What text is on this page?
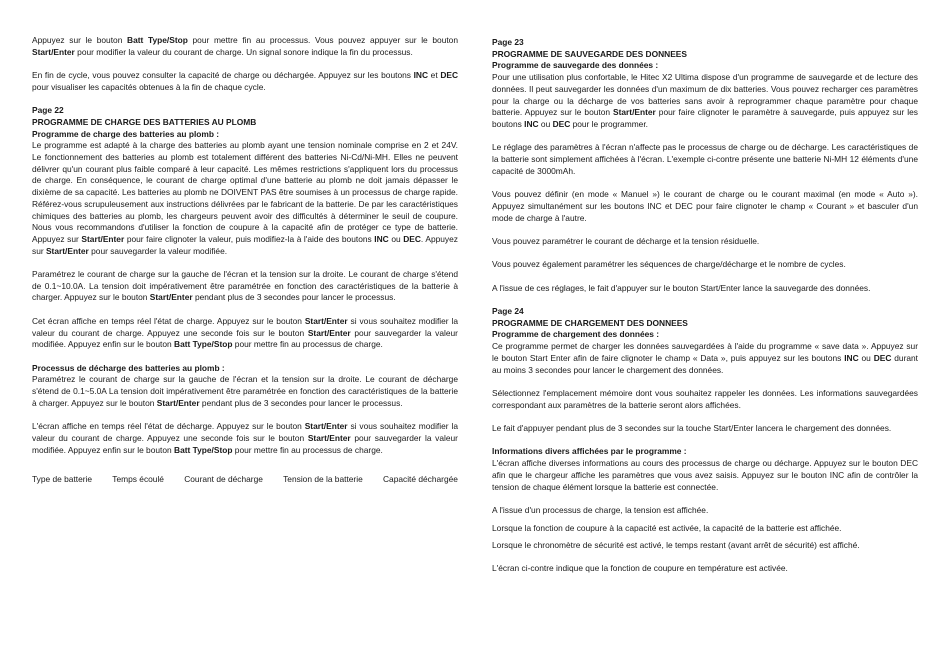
Appuyez sur le bouton Batt Type/Stop pour mettre fin au processus. Vous pouvez appuyer sur le bouton Start/Enter pour modifier la valeur du courant de charge. Un signal sonore indique la fin du processus.

En fin de cycle, vous pouvez consulter la capacité de charge ou déchargée. Appuyez sur les boutons INC et DEC pour visualiser les capacités obtenues à la fin de chaque cycle.

Page 22

PROGRAMME DE CHARGE DES BATTERIES AU PLOMB

Programme de charge des batteries au plomb :

Le programme est adapté à la charge des batteries au plomb ayant une tension nominale comprise en 2 et 24V. Le fonctionnement des batteries au plomb est totalement différent des batteries Ni-Cd/Ni-MH. Elles ne peuvent délivrer qu'un courant plus faible comparé à leur capacité. Les mêmes restrictions s'appliquent lors du processus de charge. En conséquence, le courant de charge optimal d'une batterie au plomb ne doit jamais dépasser le dixième de sa capacité. Les batteries au plomb ne DOIVENT PAS être soumises à un processus de charge rapide. Référez-vous scrupuleusement aux instructions délivrées par le fabricant de la batterie. De par les caractéristiques chimiques des batteries au plomb, les chargeurs peuvent avoir des difficultés à déterminer le seuil de coupure. Nous vous recommandons d'utiliser la fonction de coupure à la capacité afin de protéger ce type de batterie. Appuyez sur Start/Enter pour faire clignoter la valeur, puis modifiez-la à l'aide des boutons INC ou DEC. Appuyez sur Start/Enter pour sauvegarder la valeur modifiée.

Paramétrez le courant de charge sur la gauche de l'écran et la tension sur la droite. Le courant de charge s'étend de 0.1~10.0A. La tension doit impérativement être paramétrée en fonction des caractéristiques de la batterie à charger. Appuyez sur le bouton Start/Enter pendant plus de 3 secondes pour lancer le processus.

Cet écran affiche en temps réel l'état de charge. Appuyez sur le bouton Start/Enter si vous souhaitez modifier la valeur du courant de charge. Appuyez une seconde fois sur le bouton Start/Enter pour sauvegarder la valeur modifiée. Appuyez enfin sur le bouton Batt Type/Stop pour mettre fin au processus de charge.

Processus de décharge des batteries au plomb :

Paramétrez le courant de charge sur la gauche de l'écran et la tension sur la droite. Le courant de décharge s'étend de 0.1~5.0A La tension doit impérativement être paramétrée en fonction des caractéristiques de la batterie à charger. Appuyez sur le bouton Start/Enter pendant plus de 3 secondes pour lancer le processus.

L'écran affiche en temps réel l'état de décharge. Appuyez sur le bouton Start/Enter si vous souhaitez modifier la valeur du courant de charge. Appuyez une seconde fois sur le bouton Start/Enter pour sauvegarder la valeur modifiée. Appuyez enfin sur le bouton Batt Type/Stop pour mettre fin au processus de charge.

Type de batterie Temps écoulé Courant de décharge Tension de la batterie Capacité déchargée

Page 23

PROGRAMME DE SAUVEGARDE DES DONNEES

Programme de sauvegarde des données :

Pour une utilisation plus confortable, le Hitec X2 Ultima dispose d'un programme de sauvegarde et de lecture des données. Il peut sauvegarder les données d'un maximum de dix batteries. Vous pouvez recharger ces paramètres pour la charge ou la décharge de vos batteries sans avoir à reprogrammer chaque paramètre pour chaque batterie. Appuyez sur le bouton Start/Enter pour faire clignoter le paramètre à sauvegarde, puis appuyez sur les boutons INC ou DEC pour le programmer.

Le réglage des paramètres à l'écran n'affecte pas le processus de charge ou de décharge. Les caractéristiques de la batterie sont simplement affichées à l'écran. L'exemple ci-contre présente une batterie Ni-MH 12 éléments d'une capacité de 3000mAh.

Vous pouvez définir (en mode « Manuel ») le courant de charge ou le courant maximal (en mode « Auto »). Appuyez simultanément sur les boutons INC et DEC pour faire clignoter le champ « Courant » et basculer d'un mode de charge à l'autre.

Vous pouvez paramétrer le courant de décharge et la tension résiduelle.

Vous pouvez également paramétrer les séquences de charge/décharge et le nombre de cycles.

A l'issue de ces réglages, le fait d'appuyer sur le bouton Start/Enter lance la sauvegarde des données.

Page 24

PROGRAMME DE CHARGEMENT DES DONNEES

Programme de chargement des données :

Ce programme permet de charger les données sauvegardées à l'aide du programme « save data ». Appuyez sur le bouton Start Enter afin de faire clignoter le champ « Data », puis appuyez sur les boutons INC ou DEC durant au moins 3 secondes pour lancer le chargement des données.

Sélectionnez l'emplacement mémoire dont vous souhaitez rappeler les données. Les informations sauvegardées correspondant aux paramètres de la batterie seront alors affichées.

Le fait d'appuyer pendant plus de 3 secondes sur la touche Start/Enter lancera le chargement des données.

Informations divers affichées par le programme :

L'écran affiche diverses informations au cours des processus de charge ou décharge. Appuyez sur le bouton DEC afin que le chargeur affiche les paramètres que vous avez saisis. Appuyez sur le bouton INC afin de contrôler la tension de chaque élément lorsque la batterie est connectée.

A l'issue d'un processus de charge, la tension est affichée.

Lorsque la fonction de coupure à la capacité est activée, la capacité de la batterie est affichée.

Lorsque le chronomètre de sécurité est activé, le temps restant (avant arrêt de sécurité) est affiché.

L'écran ci-contre indique que la fonction de coupure en température est activée.
